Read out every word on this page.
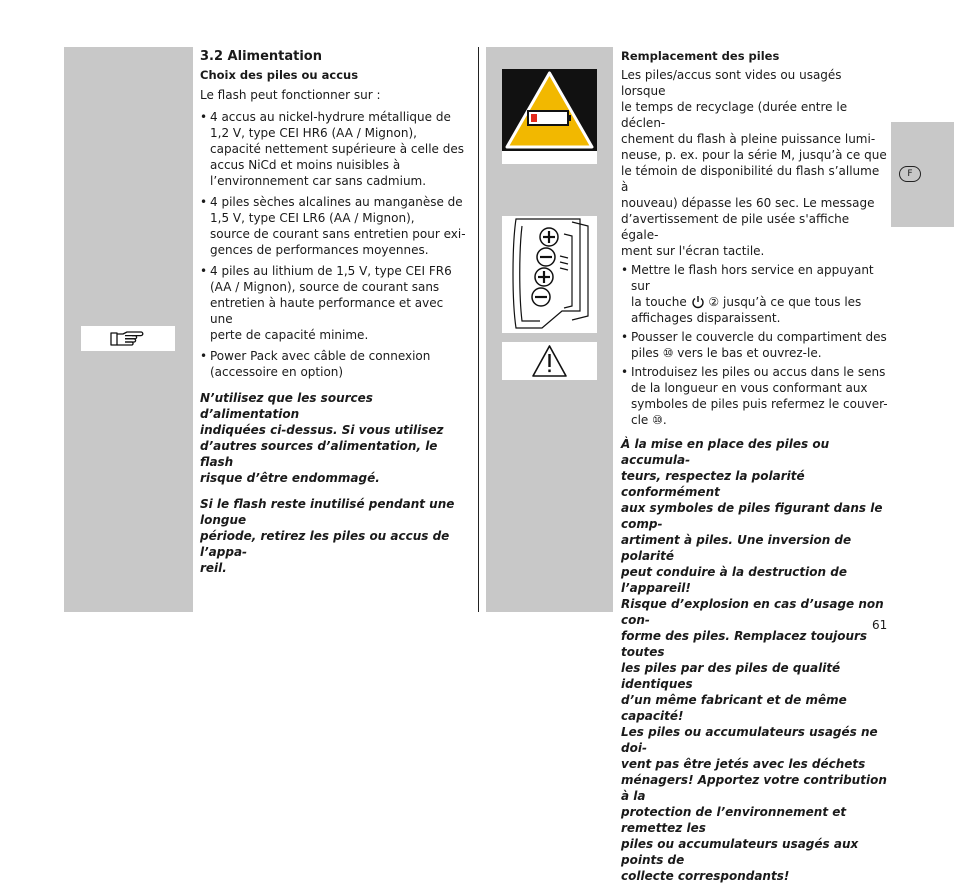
F

3.2 Alimentation

Choix des piles ou accus

Le flash peut fonctionner sur :

• 4 accus au nickel-hydrure métallique de

1,2 V, type CEI HR6 (AA / Mignon),

capacité nettement supérieure à celle des

accus NiCd et moins nuisibles à

l’environnement car sans cadmium.

• 4 piles sèches alcalines au manganèse de

1,5 V, type CEI LR6 (AA / Mignon),

source de courant sans entretien pour exi-

gences de performances moyennes.

• 4 piles au lithium de 1,5 V, type CEI FR6

(AA / Mignon), source de courant sans

entretien à haute performance et avec une

perte de capacité minime.

• Power Pack avec câble de connexion

(accessoire en option)

N’utilisez que les sources d’alimentation

indiquées ci-dessus. Si vous utilisez

d’autres sources d’alimentation, le flash

risque d’être endommagé.

Si le flash reste inutilisé pendant une longue

période, retirez les piles ou accus de l’appa-

reil.

Remplacement des piles

Les piles/accus sont vides ou usagés lorsque

le temps de recyclage (durée entre le déclen-

chement du flash à pleine puissance lumi-

neuse, p. ex. pour la série M, jusqu’à ce que

le témoin de disponibilité du flash s’allume à

nouveau) dépasse les 60 sec. Le message

d’avertissement de pile usée s'affiche égale-

ment sur l'écran tactile.

• Mettre le flash hors service en appuyant sur

la touche ② jusqu’à ce que tous les

affichages disparaissent.

• Pousser le couvercle du compartiment des

piles ⑩ vers le bas et ouvrez-le.

• Introduisez les piles ou accus dans le sens

de la longueur en vous conformant aux

symboles de piles puis refermez le couver-

cle ⑩.

À la mise en place des piles ou accumula-

teurs, respectez la polarité conformément

aux symboles de piles figurant dans le comp-

artiment à piles. Une inversion de polarité

peut conduire à la destruction de l’appareil!

Risque d’explosion en cas d’usage non con-

forme des piles. Remplacez toujours toutes

les piles par des piles de qualité identiques

d’un même fabricant et de même capacité!

Les piles ou accumulateurs usagés ne doi-

vent pas être jetés avec les déchets

ménagers! Apportez votre contribution à la

protection de l’environnement et remettez les

piles ou accumulateurs usagés aux points de

collecte correspondants!

61
